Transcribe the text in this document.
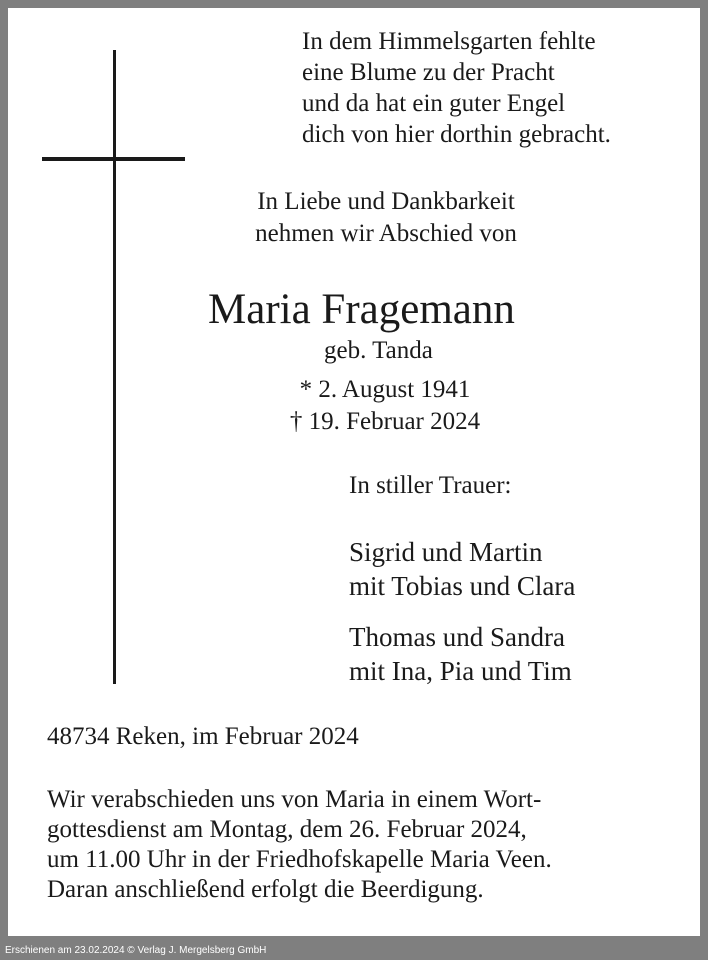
In dem Himmelsgarten fehlte
eine Blume zu der Pracht
und da hat ein guter Engel
dich von hier dorthin gebracht.
In Liebe und Dankbarkeit
nehmen wir Abschied von
Maria Fragemann
geb. Tanda
* 2. August 1941
† 19. Februar 2024
In stiller Trauer:
Sigrid und Martin
mit Tobias und Clara
Thomas und Sandra
mit Ina, Pia und Tim
48734 Reken, im Februar 2024
Wir verabschieden uns von Maria in einem Wort-
gottesdienst am Montag, dem 26. Februar 2024,
um 11.00 Uhr in der Friedhofskapelle Maria Veen.
Daran anschließend erfolgt die Beerdigung.
Erschienen am 23.02.2024 © Verlag J. Mergelsberg GmbH
